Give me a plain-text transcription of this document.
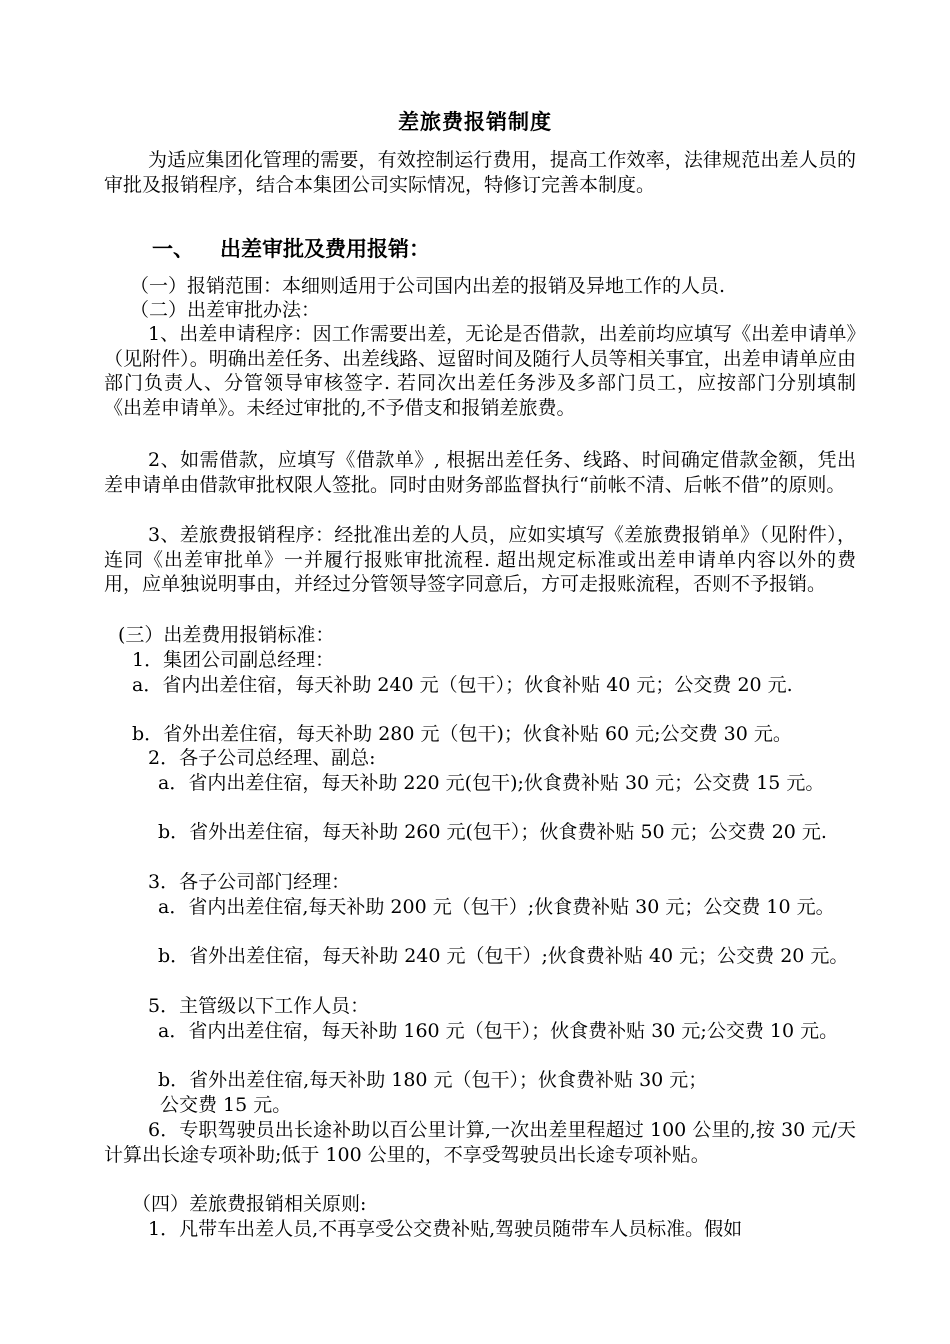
差旅费报销制度

为适应集团化管理的需要，有效控制运行费用，提高工作效率，法律规范出差人员的审批及报销程序，结合本集团公司实际情况，特修订完善本制度。

一、 出差审批及费用报销：

（一）报销范围：本细则适用于公司国内出差的报销及异地工作的人员.

（二）出差审批办法：

1、出差申请程序：因工作需要出差，无论是否借款，出差前均应填写《出差申请单》（见附件）。明确出差任务、出差线路、逗留时间及随行人员等相关事宜，出差申请单应由部门负责人、分管领导审核签字. 若同次出差任务涉及多部门员工，应按部门分别填制《出差申请单》。未经过审批的,不予借支和报销差旅费。

2、如需借款，应填写《借款单》, 根据出差任务、线路、时间确定借款金额，凭出差申请单由借款审批权限人签批。同时由财务部监督执行“前帐不清、后帐不借”的原则。

3、差旅费报销程序：经批准出差的人员，应如实填写《差旅费报销单》（见附件），连同《出差审批单》一并履行报账审批流程. 超出规定标准或出差申请单内容以外的费用，应单独说明事由，并经过分管领导签字同意后，方可走报账流程，否则不予报销。

(三）出差费用报销标准：

1．集团公司副总经理：

a．省内出差住宿，每天补助 240 元（包干）；伙食补贴 40 元；公交费 20 元.

b．省外出差住宿，每天补助 280 元（包干)；伙食补贴 60 元;公交费 30 元。

2．各子公司总经理、副总:

a．省内出差住宿，每天补助 220 元(包干);伙食费补贴 30 元；公交费 15 元。

b．省外出差住宿，每天补助 260 元(包干）；伙食费补贴 50 元；公交费 20 元.

3．各子公司部门经理：

a．省内出差住宿,每天补助 200 元（包干）;伙食费补贴 30 元；公交费 10 元。

b．省外出差住宿，每天补助 240 元（包干）;伙食费补贴 40 元；公交费 20 元。

5．主管级以下工作人员：

a．省内出差住宿，每天补助 160 元（包干）；伙食费补贴 30 元;公交费 10 元。

b．省外出差住宿,每天补助 180 元（包干）；伙食费补贴 30 元；

公交费 15 元。

6．专职驾驶员出长途补助以百公里计算,一次出差里程超过 100 公里的,按 30 元/天计算出长途专项补助;低于 100 公里的，不享受驾驶员出长途专项补贴。

（四）差旅费报销相关原则:

1．凡带车出差人员,不再享受公交费补贴,驾驶员随带车人员标准。假如
